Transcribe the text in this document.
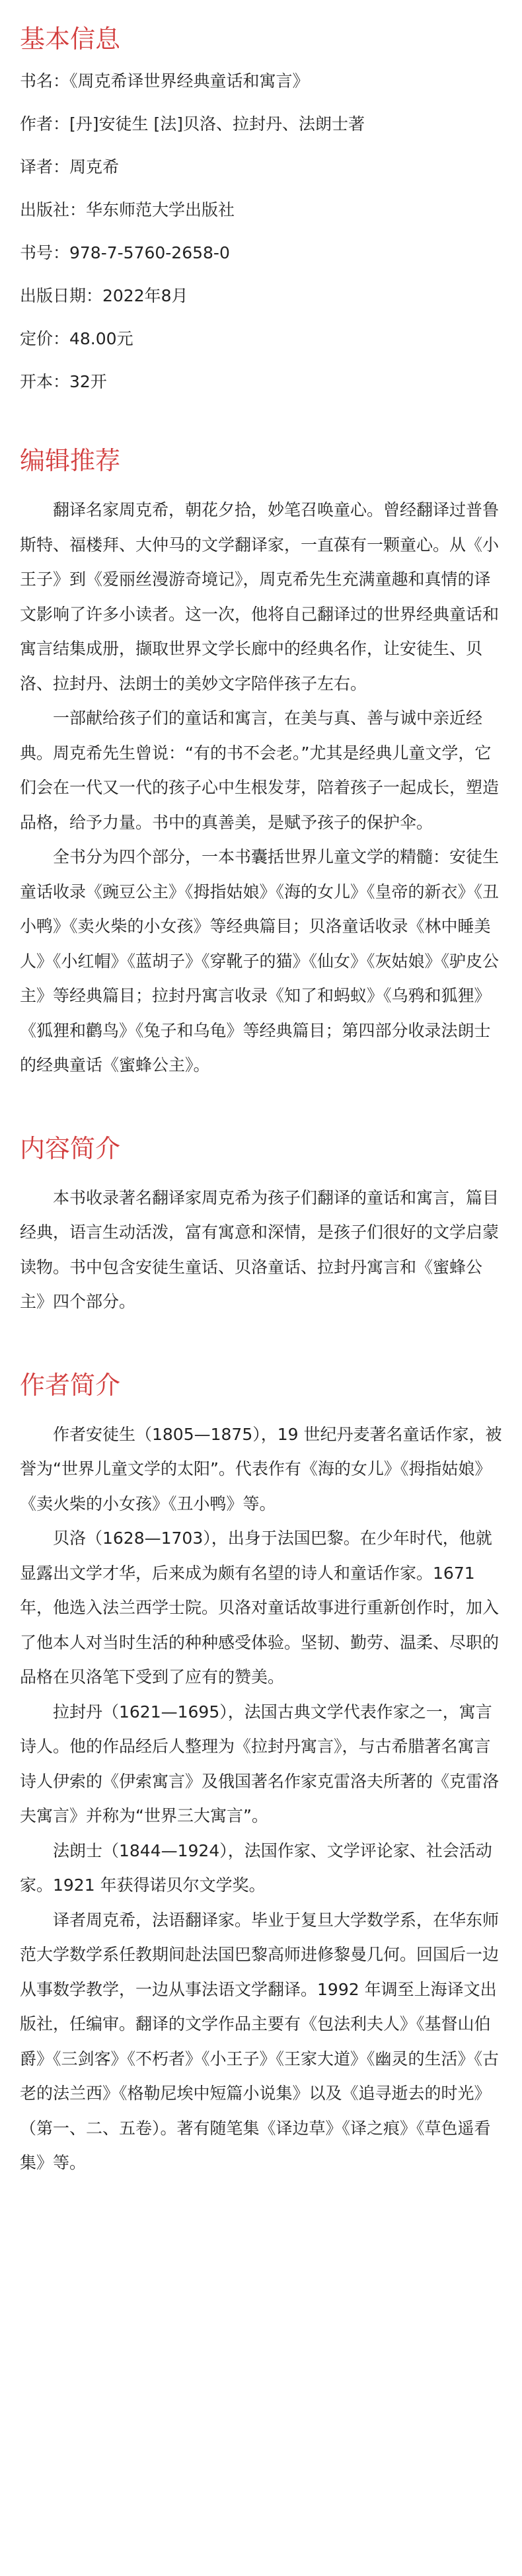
基本信息

书名：《周克希译世界经典童话和寓言》

作者：[丹]安徒生 [法]贝洛、拉封丹、法朗士著

译者：周克希

出版社：华东师范大学出版社

书号：978-7-5760-2658-0

出版日期：2022年8月

定价：48.00元

开本：32开

编辑推荐

翻译名家周克希，朝花夕拾，妙笔召唤童心。曾经翻译过普鲁斯特、福楼拜、大仲马的文学翻译家，一直葆有一颗童心。从《小王子》到《爱丽丝漫游奇境记》，周克希先生充满童趣和真情的译文影响了许多小读者。这一次，他将自己翻译过的世界经典童话和寓言结集成册，撷取世界文学长廊中的经典名作，让安徒生、贝洛、拉封丹、法朗士的美妙文字陪伴孩子左右。

一部献给孩子们的童话和寓言，在美与真、善与诚中亲近经典。周克希先生曾说：“有的书不会老。”尤其是经典儿童文学，它们会在一代又一代的孩子心中生根发芽，陪着孩子一起成长，塑造品格，给予力量。书中的真善美，是赋予孩子的保护伞。

全书分为四个部分，一本书囊括世界儿童文学的精髓：安徒生童话收录《豌豆公主》《拇指姑娘》《海的女儿》《皇帝的新衣》《丑小鸭》《卖火柴的小女孩》等经典篇目；贝洛童话收录《林中睡美人》《小红帽》《蓝胡子》《穿靴子的猫》《仙女》《灰姑娘》《驴皮公主》等经典篇目；拉封丹寓言收录《知了和蚂蚁》《乌鸦和狐狸》《狐狸和鹳鸟》《兔子和乌龟》等经典篇目；第四部分收录法朗士的经典童话《蜜蜂公主》。

内容简介

本书收录著名翻译家周克希为孩子们翻译的童话和寓言，篇目经典，语言生动活泼，富有寓意和深情，是孩子们很好的文学启蒙读物。书中包含安徒生童话、贝洛童话、拉封丹寓言和《蜜蜂公主》四个部分。

作者简介

作者安徒生（1805—1875），19 世纪丹麦著名童话作家，被誉为“世界儿童文学的太阳”。代表作有《海的女儿》《拇指姑娘》《卖火柴的小女孩》《丑小鸭》等。

贝洛（1628—1703），出身于法国巴黎。在少年时代，他就显露出文学才华，后来成为颇有名望的诗人和童话作家。1671 年，他选入法兰西学士院。贝洛对童话故事进行重新创作时，加入了他本人对当时生活的种种感受体验。坚韧、勤劳、温柔、尽职的品格在贝洛笔下受到了应有的赞美。

拉封丹（1621—1695），法国古典文学代表作家之一，寓言诗人。他的作品经后人整理为《拉封丹寓言》，与古希腊著名寓言诗人伊索的《伊索寓言》及俄国著名作家克雷洛夫所著的《克雷洛夫寓言》并称为“世界三大寓言”。

法朗士（1844—1924），法国作家、文学评论家、社会活动家。1921 年获得诺贝尔文学奖。

译者周克希，法语翻译家。毕业于复旦大学数学系，在华东师范大学数学系任教期间赴法国巴黎高师进修黎曼几何。回国后一边从事数学教学，一边从事法语文学翻译。1992 年调至上海译文出版社，任编审。翻译的文学作品主要有《包法利夫人》《基督山伯爵》《三剑客》《不朽者》《小王子》《王家大道》《幽灵的生活》《古老的法兰西》《格勒尼埃中短篇小说集》以及《追寻逝去的时光》（第一、二、五卷）。著有随笔集《译边草》《译之痕》《草色遥看集》等。
